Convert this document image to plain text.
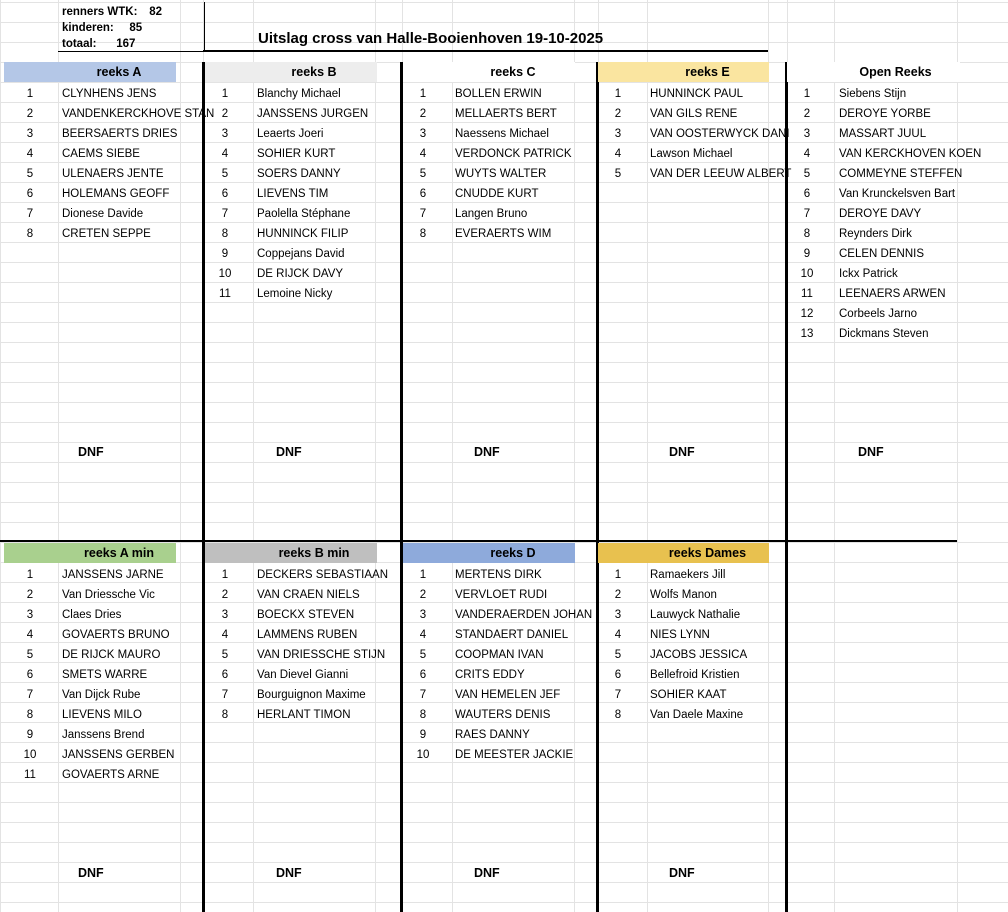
renners WTK: 82
kinderen: 85
totaal: 167	Uitslag cross van Halle-Booienhoven 19-10-2025
reeks A
1	CLYNHENS JENS
2	VANDENKERCKHOVE STAN
3	BEERSAERTS DRIES
4	CAEMS SIEBE
5	ULENAERS JENTE
6	HOLEMANS GEOFF
7	Dionese Davide
8	CRETEN SEPPE
reeks B
1	Blanchy Michael
2	JANSSENS JURGEN
3	Leaerts Joeri
4	SOHIER KURT
5	SOERS DANNY
6	LIEVENS TIM
7	Paolella Stéphane
8	HUNNINCK FILIP
9	Coppejans David
10	DE RIJCK DAVY
11	Lemoine Nicky
reeks C
1	BOLLEN ERWIN
2	MELLAERTS BERT
3	Naessens Michael
4	VERDONCK PATRICK
5	WUYTS WALTER
6	CNUDDE KURT
7	Langen Bruno
8	EVERAERTS WIM
reeks E
1	HUNNINCK PAUL
2	VAN GILS RENE
3	VAN OOSTERWYCK DANI
4	Lawson Michael
5	VAN DER LEEUW ALBERT
Open Reeks
1	Siebens Stijn
2	DEROYE YORBE
3	MASSART JUUL
4	VAN KERCKHOVEN KOEN
5	COMMEYNE STEFFEN
6	Van Krunckelsven Bart
7	DEROYE DAVY
8	Reynders Dirk
9	CELEN DENNIS
10	Ickx Patrick
11	LEENAERS ARWEN
12	Corbeels Jarno
13	Dickmans Steven
reeks A min
1	JANSSENS JARNE
2	Van Driessche Vic
3	Claes Dries
4	GOVAERTS BRUNO
5	DE RIJCK MAURO
6	SMETS WARRE
7	Van Dijck Rube
8	LIEVENS MILO
9	Janssens Brend
10	JANSSENS GERBEN
11	GOVAERTS ARNE
reeks B min
1	DECKERS SEBASTIAAN
2	VAN CRAEN NIELS
3	BOECKX STEVEN
4	LAMMENS RUBEN
5	VAN DRIESSCHE STIJN
6	Van Dievel Gianni
7	Bourguignon Maxime
8	HERLANT TIMON
reeks D
1	MERTENS DIRK
2	VERVLOET RUDI
3	VANDERAERDEN JOHAN
4	STANDAERT DANIEL
5	COOPMAN IVAN
6	CRITS EDDY
7	VAN HEMELEN JEF
8	WAUTERS DENIS
9	RAES DANNY
10	DE MEESTER JACKIE
reeks Dames
1	Ramaekers Jill
2	Wolfs Manon
3	Lauwyck Nathalie
4	NIES LYNN
5	JACOBS JESSICA
6	Bellefroid Kristien
7	SOHIER KAAT
8	Van Daele Maxine
DNF	DNF	DNF	DNF	DNF
DNF	DNF	DNF	DNF
